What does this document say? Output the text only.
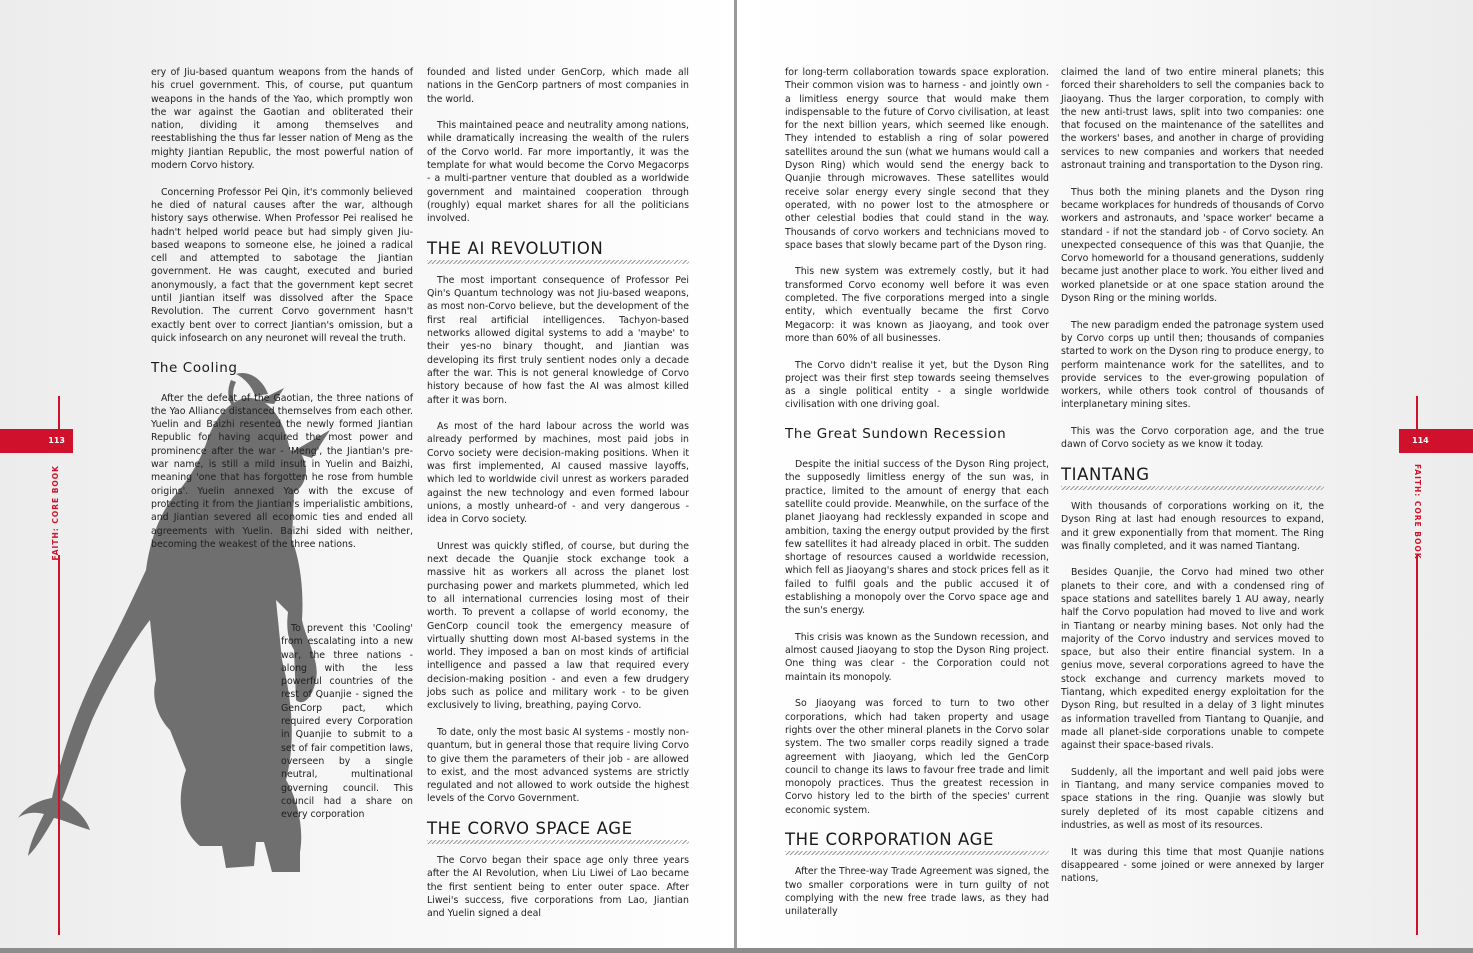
ery of Jiu-based quantum weapons from the hands of his cruel government. This, of course, put quantum weapons in the hands of the Yao, which promptly won the war against the Gaotian and obliterated their nation, dividing it among themselves and reestablishing the thus far lesser nation of Meng as the mighty Jiantian Republic, the most powerful nation of modern Corvo history.

Concerning Professor Pei Qin, it's commonly believed he died of natural causes after the war, although history says otherwise. When Professor Pei realised he hadn't helped world peace but had simply given Jiu-based weapons to someone else, he joined a radical cell and attempted to sabotage the Jiantian government. He was caught, executed and buried anonymously, a fact that the government kept secret until Jiantian itself was dissolved after the Space Revolution. The current Corvo government hasn't exactly bent over to correct Jiantian's omission, but a quick infosearch on any neuronet will reveal the truth.

The Cooling

After the defeat of the Gaotian, the three nations of the Yao Alliance distanced themselves from each other. Yuelin and Baizhi resented the newly formed Jiantian Republic for having acquired the most power and prominence after the war - 'Meng', the Jiantian's pre-war name, is still a mild insult in Yuelin and Baizhi, meaning 'one that has forgotten he rose from humble origins'. Yuelin annexed Yao with the excuse of protecting it from the Jiantian's imperialistic ambitions, and Jiantian severed all economic ties and ended all agreements with Yuelin. Baizhi sided with neither, becoming the weakest of the three nations.

To prevent this 'Cooling' from escalating into a new war, the three nations - along with the less powerful countries of the rest of Quanjie - signed the GenCorp pact, which required every Corporation in Quanjie to submit to a set of fair competition laws, overseen by a single neutral, multinational governing council. This council had a share on every corporation

founded and listed under GenCorp, which made all nations in the GenCorp partners of most companies in the world.

This maintained peace and neutrality among nations, while dramatically increasing the wealth of the rulers of the Corvo world. Far more importantly, it was the template for what would become the Corvo Megacorps - a multi-partner venture that doubled as a worldwide government and maintained cooperation through (roughly) equal market shares for all the politicians involved.

THE AI REVOLUTION

The most important consequence of Professor Pei Qin's Quantum technology was not Jiu-based weapons, as most non-Corvo believe, but the development of the first real artificial intelligences. Tachyon-based networks allowed digital systems to add a 'maybe' to their yes-no binary thought, and Jiantian was developing its first truly sentient nodes only a decade after the war. This is not general knowledge of Corvo history because of how fast the AI was almost killed after it was born.

As most of the hard labour across the world was already performed by machines, most paid jobs in Corvo society were decision-making positions. When it was first implemented, AI caused massive layoffs, which led to worldwide civil unrest as workers paraded against the new technology and even formed labour unions, a mostly unheard-of - and very dangerous - idea in Corvo society.

Unrest was quickly stifled, of course, but during the next decade the Quanjie stock exchange took a massive hit as workers all across the planet lost purchasing power and markets plummeted, which led to all international currencies losing most of their worth. To prevent a collapse of world economy, the GenCorp council took the emergency measure of virtually shutting down most AI-based systems in the world. They imposed a ban on most kinds of artificial intelligence and passed a law that required every decision-making position - and even a few drudgery jobs such as police and military work - to be given exclusively to living, breathing, paying Corvo.

To date, only the most basic AI systems - mostly non-quantum, but in general those that require living Corvo to give them the parameters of their job - are allowed to exist, and the most advanced systems are strictly regulated and not allowed to work outside the highest levels of the Corvo Government.

THE CORVO SPACE AGE

The Corvo began their space age only three years after the AI Revolution, when Liu Liwei of Lao became the first sentient being to enter outer space. After Liwei's success, five corporations from Lao, Jiantian and Yuelin signed a deal

113
FAITH: CORE BOOK

for long-term collaboration towards space exploration. Their common vision was to harness - and jointly own - a limitless energy source that would make them indispensable to the future of Corvo civilisation, at least for the next billion years, which seemed like enough. They intended to establish a ring of solar powered satellites around the sun (what we humans would call a Dyson Ring) which would send the energy back to Quanjie through microwaves. These satellites would receive solar energy every single second that they operated, with no power lost to the atmosphere or other celestial bodies that could stand in the way. Thousands of corvo workers and technicians moved to space bases that slowly became part of the Dyson ring.

This new system was extremely costly, but it had transformed Corvo economy well before it was even completed. The five corporations merged into a single entity, which eventually became the first Corvo Megacorp: it was known as Jiaoyang, and took over more than 60% of all businesses.

The Corvo didn't realise it yet, but the Dyson Ring project was their first step towards seeing themselves as a single political entity - a single worldwide civilisation with one driving goal.

The Great Sundown Recession

Despite the initial success of the Dyson Ring project, the supposedly limitless energy of the sun was, in practice, limited to the amount of energy that each satellite could provide. Meanwhile, on the surface of the planet Jiaoyang had recklessly expanded in scope and ambition, taxing the energy output provided by the first few satellites it had already placed in orbit. The sudden shortage of resources caused a worldwide recession, which fell as Jiaoyang's shares and stock prices fell as it failed to fulfil goals and the public accused it of establishing a monopoly over the Corvo space age and the sun's energy.

This crisis was known as the Sundown recession, and almost caused Jiaoyang to stop the Dyson Ring project. One thing was clear - the Corporation could not maintain its monopoly.

So Jiaoyang was forced to turn to two other corporations, which had taken property and usage rights over the other mineral planets in the Corvo solar system. The two smaller corps readily signed a trade agreement with Jiaoyang, which led the GenCorp council to change its laws to favour free trade and limit monopoly practices. Thus the greatest recession in Corvo history led to the birth of the species' current economic system.

THE CORPORATION AGE

After the Three-way Trade Agreement was signed, the two smaller corporations were in turn guilty of not complying with the new free trade laws, as they had unilaterally

claimed the land of two entire mineral planets; this forced their shareholders to sell the companies back to Jiaoyang. Thus the larger corporation, to comply with the new anti-trust laws, split into two companies: one that focused on the maintenance of the satellites and the workers' bases, and another in charge of providing services to new companies and workers that needed astronaut training and transportation to the Dyson ring.

Thus both the mining planets and the Dyson ring became workplaces for hundreds of thousands of Corvo workers and astronauts, and 'space worker' became a standard - if not the standard job - of Corvo society. An unexpected consequence of this was that Quanjie, the Corvo homeworld for a thousand generations, suddenly became just another place to work. You either lived and worked planetside or at one space station around the Dyson Ring or the mining worlds.

The new paradigm ended the patronage system used by Corvo corps up until then; thousands of companies started to work on the Dyson ring to produce energy, to perform maintenance work for the satellites, and to provide services to the ever-growing population of workers, while others took control of thousands of interplanetary mining sites.

This was the Corvo corporation age, and the true dawn of Corvo society as we know it today.

TIANTANG

With thousands of corporations working on it, the Dyson Ring at last had enough resources to expand, and it grew exponentially from that moment. The Ring was finally completed, and it was named Tiantang.

Besides Quanjie, the Corvo had mined two other planets to their core, and with a condensed ring of space stations and satellites barely 1 AU away, nearly half the Corvo population had moved to live and work in Tiantang or nearby mining bases. Not only had the majority of the Corvo industry and services moved to space, but also their entire financial system. In a genius move, several corporations agreed to have the stock exchange and currency markets moved to Tiantang, which expedited energy exploitation for the Dyson Ring, but resulted in a delay of 3 light minutes as information travelled from Tiantang to Quanjie, and made all planet-side corporations unable to compete against their space-based rivals.

Suddenly, all the important and well paid jobs were in Tiantang, and many service companies moved to space stations in the ring. Quanjie was slowly but surely depleted of its most capable citizens and industries, as well as most of its resources.

It was during this time that most Quanjie nations disappeared - some joined or were annexed by larger nations,

114
FAITH: CORE BOOK
